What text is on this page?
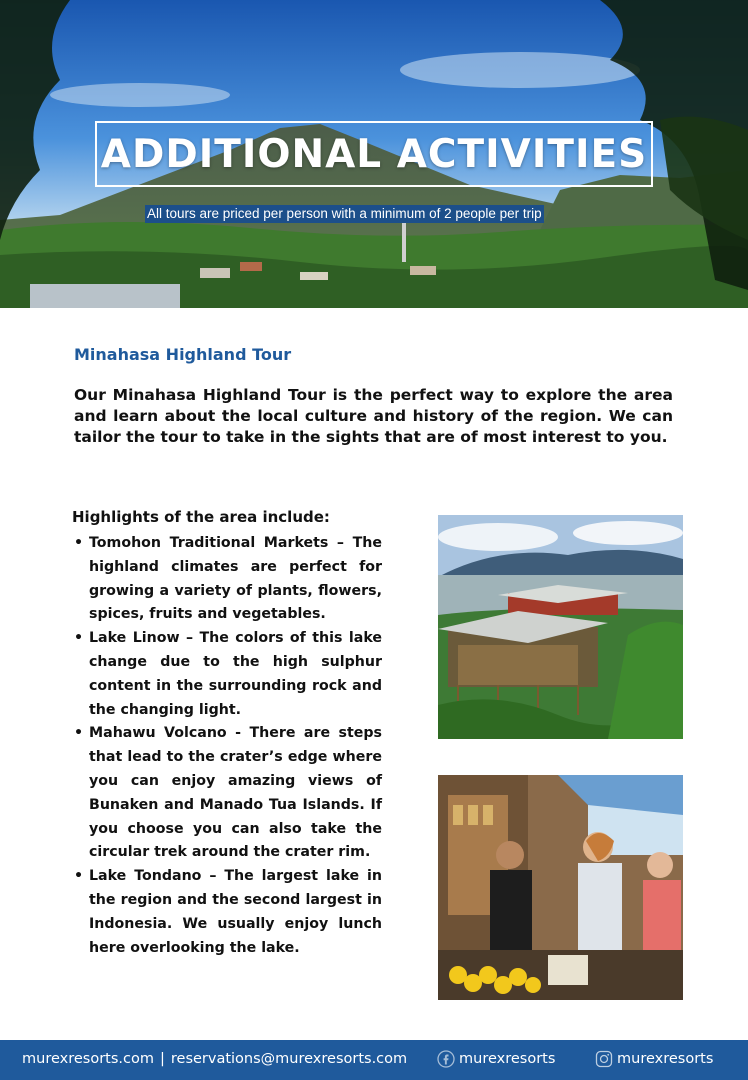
ADDITIONAL ACTIVITIES
All tours are priced per person with a minimum of 2 people per trip
Minahasa Highland Tour

Our Minahasa Highland Tour is the perfect way to explore the area and learn about the local culture and history of the region. We can tailor the tour to take in the sights that are of most interest to you.

Highlights of the area include:
• Tomohon Traditional Markets – The highland climates are perfect for growing a variety of plants, flowers, spices, fruits and vegetables.
• Lake Linow – The colors of this lake change due to the high sulphur content in the surrounding rock and the changing light.
• Mahawu Volcano - There are steps that lead to the crater’s edge where you can enjoy amazing views of Bunaken and Manado Tua Islands. If you choose you can also take the circular trek around the crater rim.
• Lake Tondano – The largest lake in the region and the second largest in Indonesia. We usually enjoy lunch here overlooking the lake.
murexresorts.com | reservations@murexresorts.com	murexresorts	murexresorts
